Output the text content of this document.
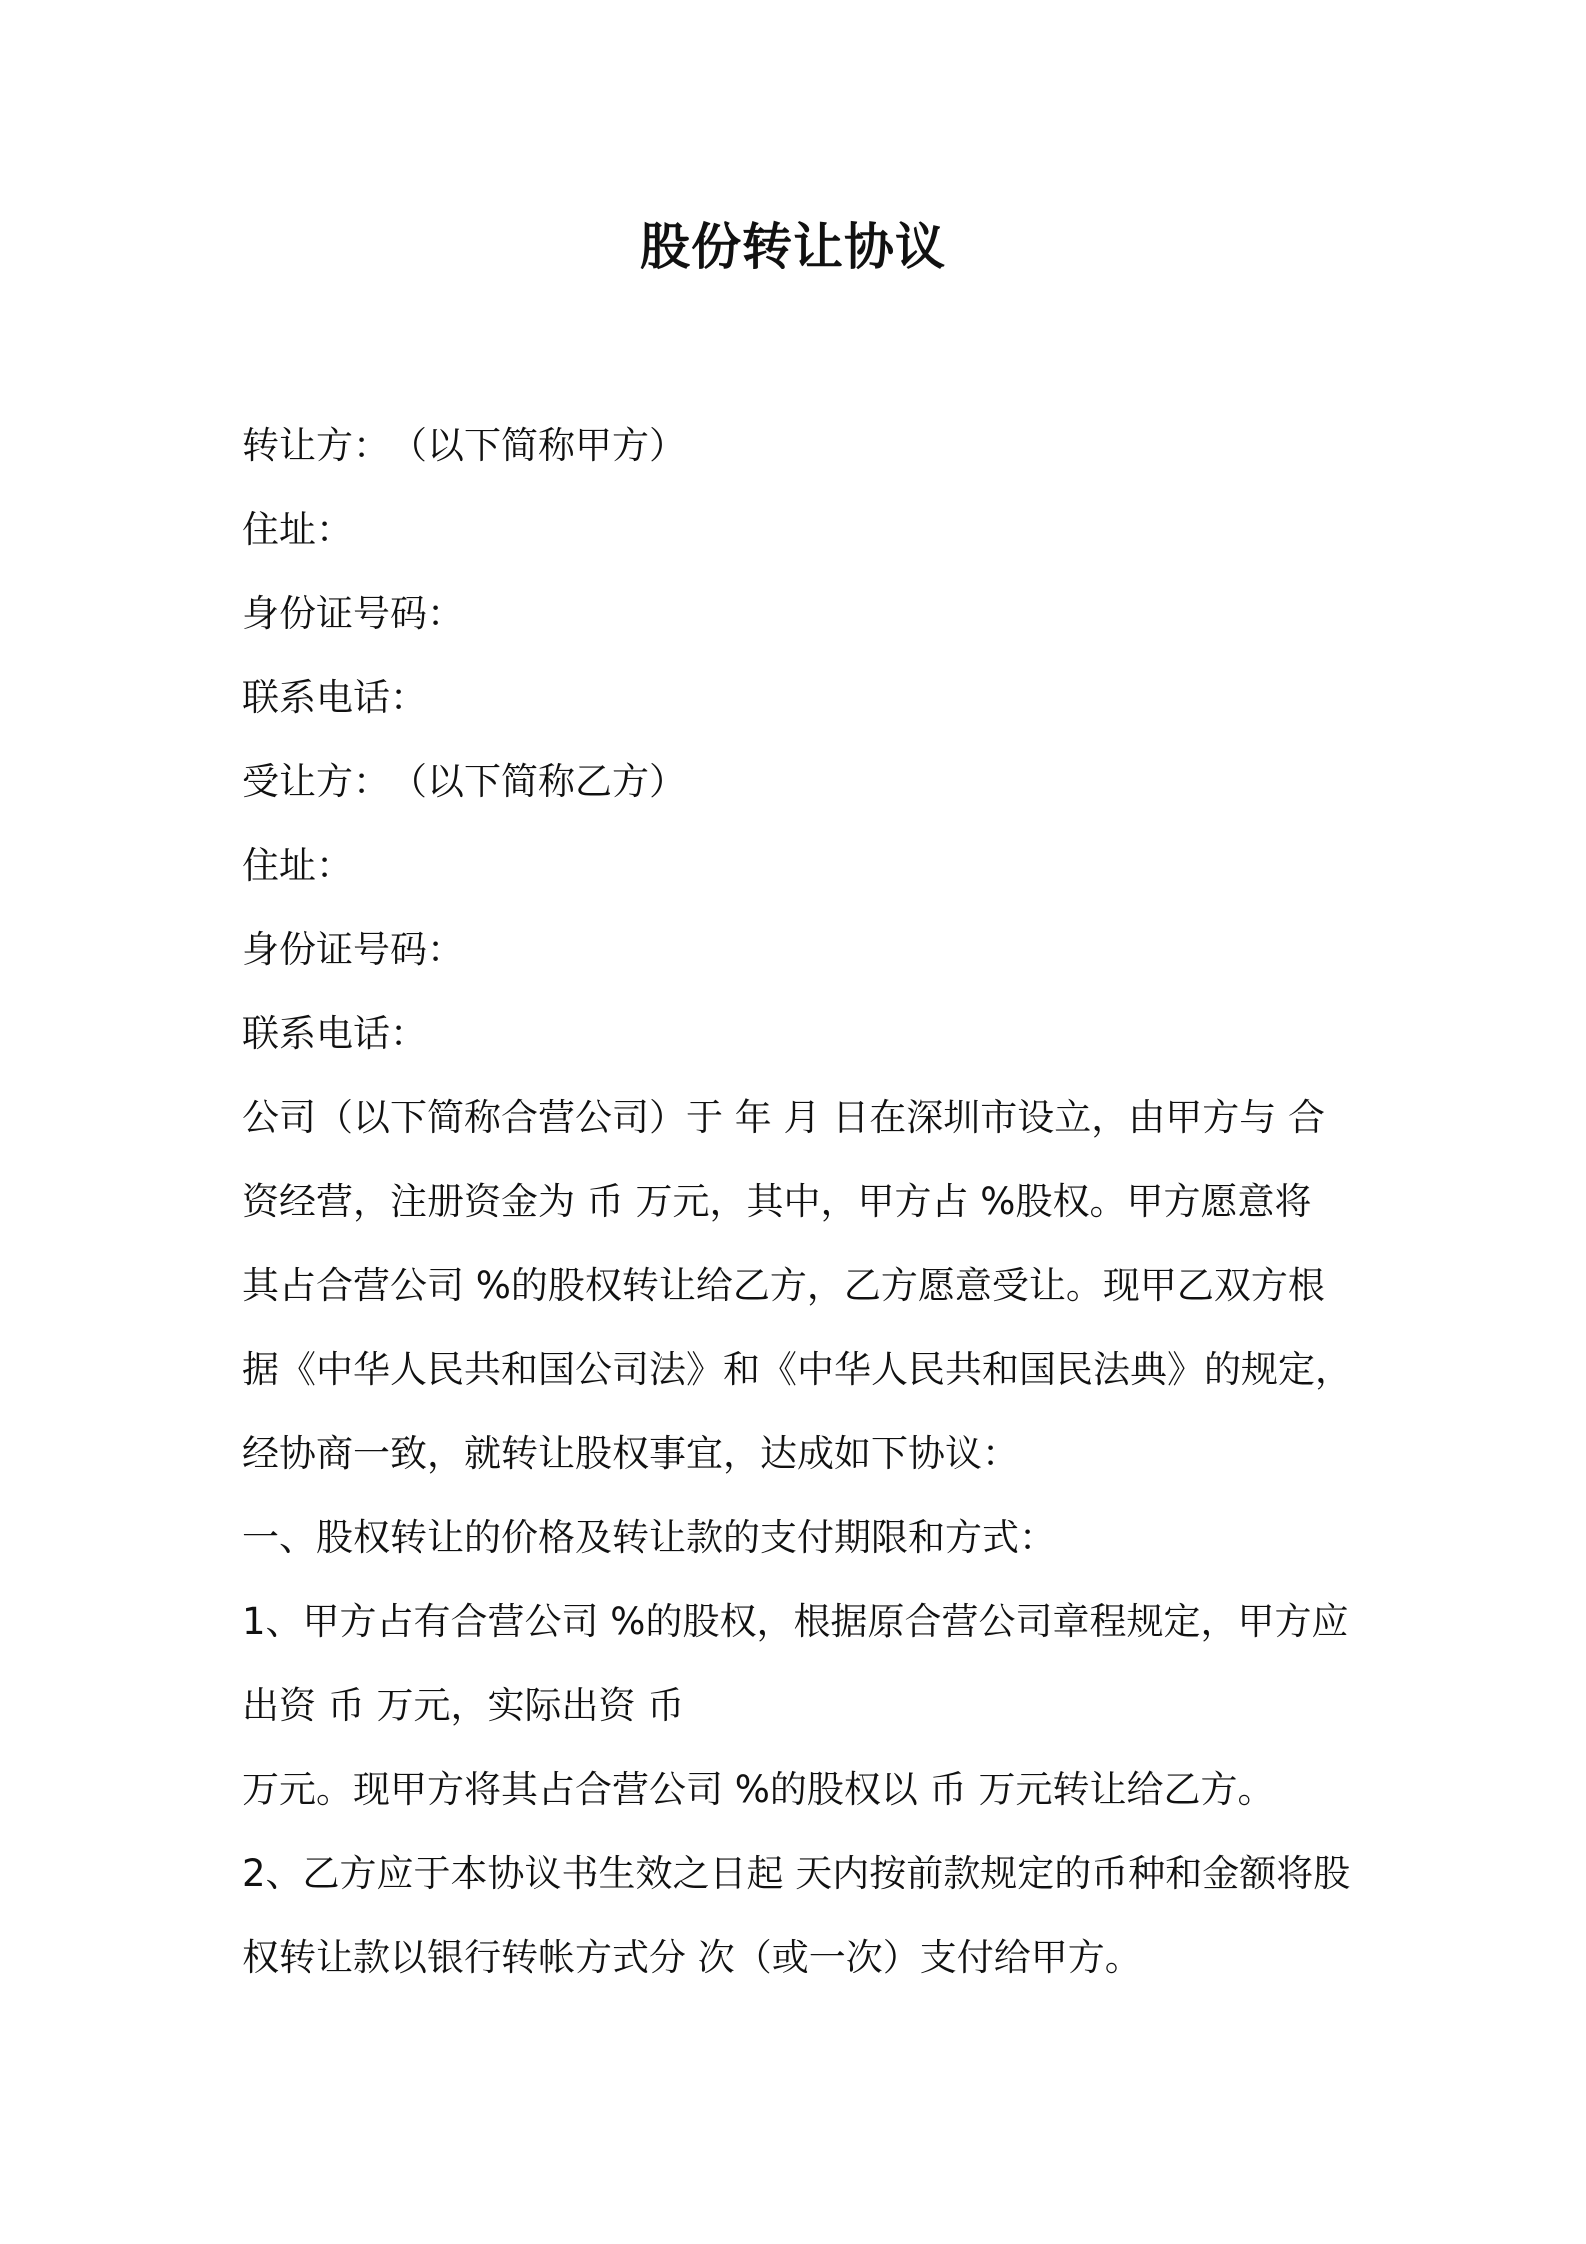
股份转让协议
转让方：　（以下简称甲方）
住址：
身份证号码：
联系电话：
受让方：　（以下简称乙方）
住址：
身份证号码：
联系电话：
公司（以下简称合营公司）于 年 月 日在深圳市设立，由甲方与 合
资经营，注册资金为 币 万元，其中，甲方占 %股权。甲方愿意将
其占合营公司 %的股权转让给乙方，乙方愿意受让。现甲乙双方根
据《中华人民共和国公司法》和《中华人民共和国民法典》的规定，
经协商一致，就转让股权事宜，达成如下协议：
一、股权转让的价格及转让款的支付期限和方式：
1、甲方占有合营公司 %的股权，根据原合营公司章程规定，甲方应
出资 币 万元，实际出资 币
万元。现甲方将其占合营公司 %的股权以 币 万元转让给乙方。
2、乙方应于本协议书生效之日起 天内按前款规定的币种和金额将股
权转让款以银行转帐方式分 次（或一次）支付给甲方。
